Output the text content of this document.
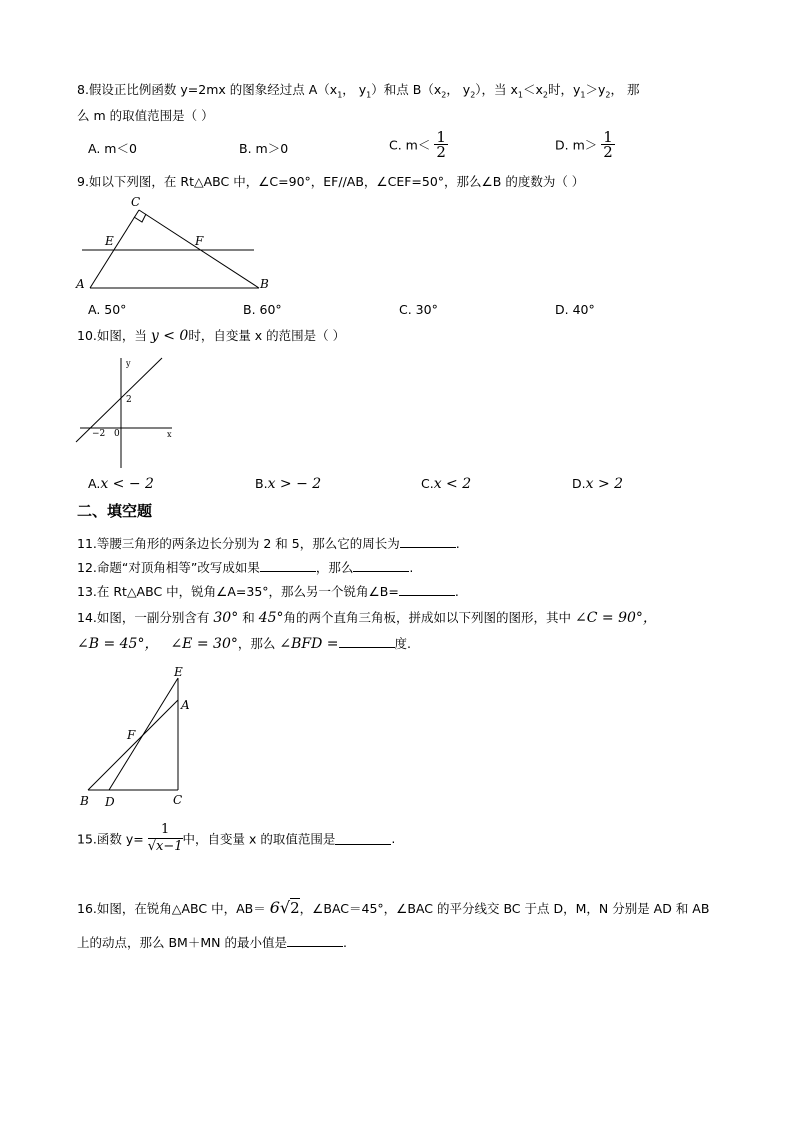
8.假设正比例函数 y=2mx 的图象经过点 $A(x_1$， $y_1$）和点 $B(x_2$， $y_2$），当 $x_1<x_2$时，$y_1>y_2$， 那
么 m 的取值范围是（ ）
A. m＜0	B. m＞0	C. $m< \frac{1}{2}$	D. $m> \frac{1}{2}$
9.如以下列图，在 Rt△ABC 中，∠C=90°，EF//AB，∠CEF=50°，那么∠B 的度数为（ ）
C
E	F
A	B
A. 50°	B. 60°	C. 30°	D. 40°
10.如图，当 y < 0时，自变量 x 的范围是（ ）
y
x
2
−2 0
A.x < − 2	B.x > − 2	C.x < 2	D.x > 2
二、填空题
11.等腰三角形的两条边长分别为 2 和 5，那么它的周长为	.
12.命题“对顶角相等”改写成如果	，那么	.
13.在 Rt△ABC 中，锐角∠A=35°，那么另一个锐角∠B=	.
14.如图，一副分别含有 30° 和 45°角的两个直角三角板，拼成如以下列图的图形，其中 ∠C = 90°，
∠B = 45°， ∠E = 30°，那么 ∠BFD =	度.
E
A
F
B D	C
15.函数 $y= \frac{1}{√x-1}$ 中，自变量 x 的取值范围是	.
16.如图，在锐角△ABC 中，AB＝ 6√2，∠BAC＝45°，∠BAC 的平分线交 BC 于点 D，M，N 分别是 AD 和 AB
上的动点，那么 BM＋MN 的最小值是	.
